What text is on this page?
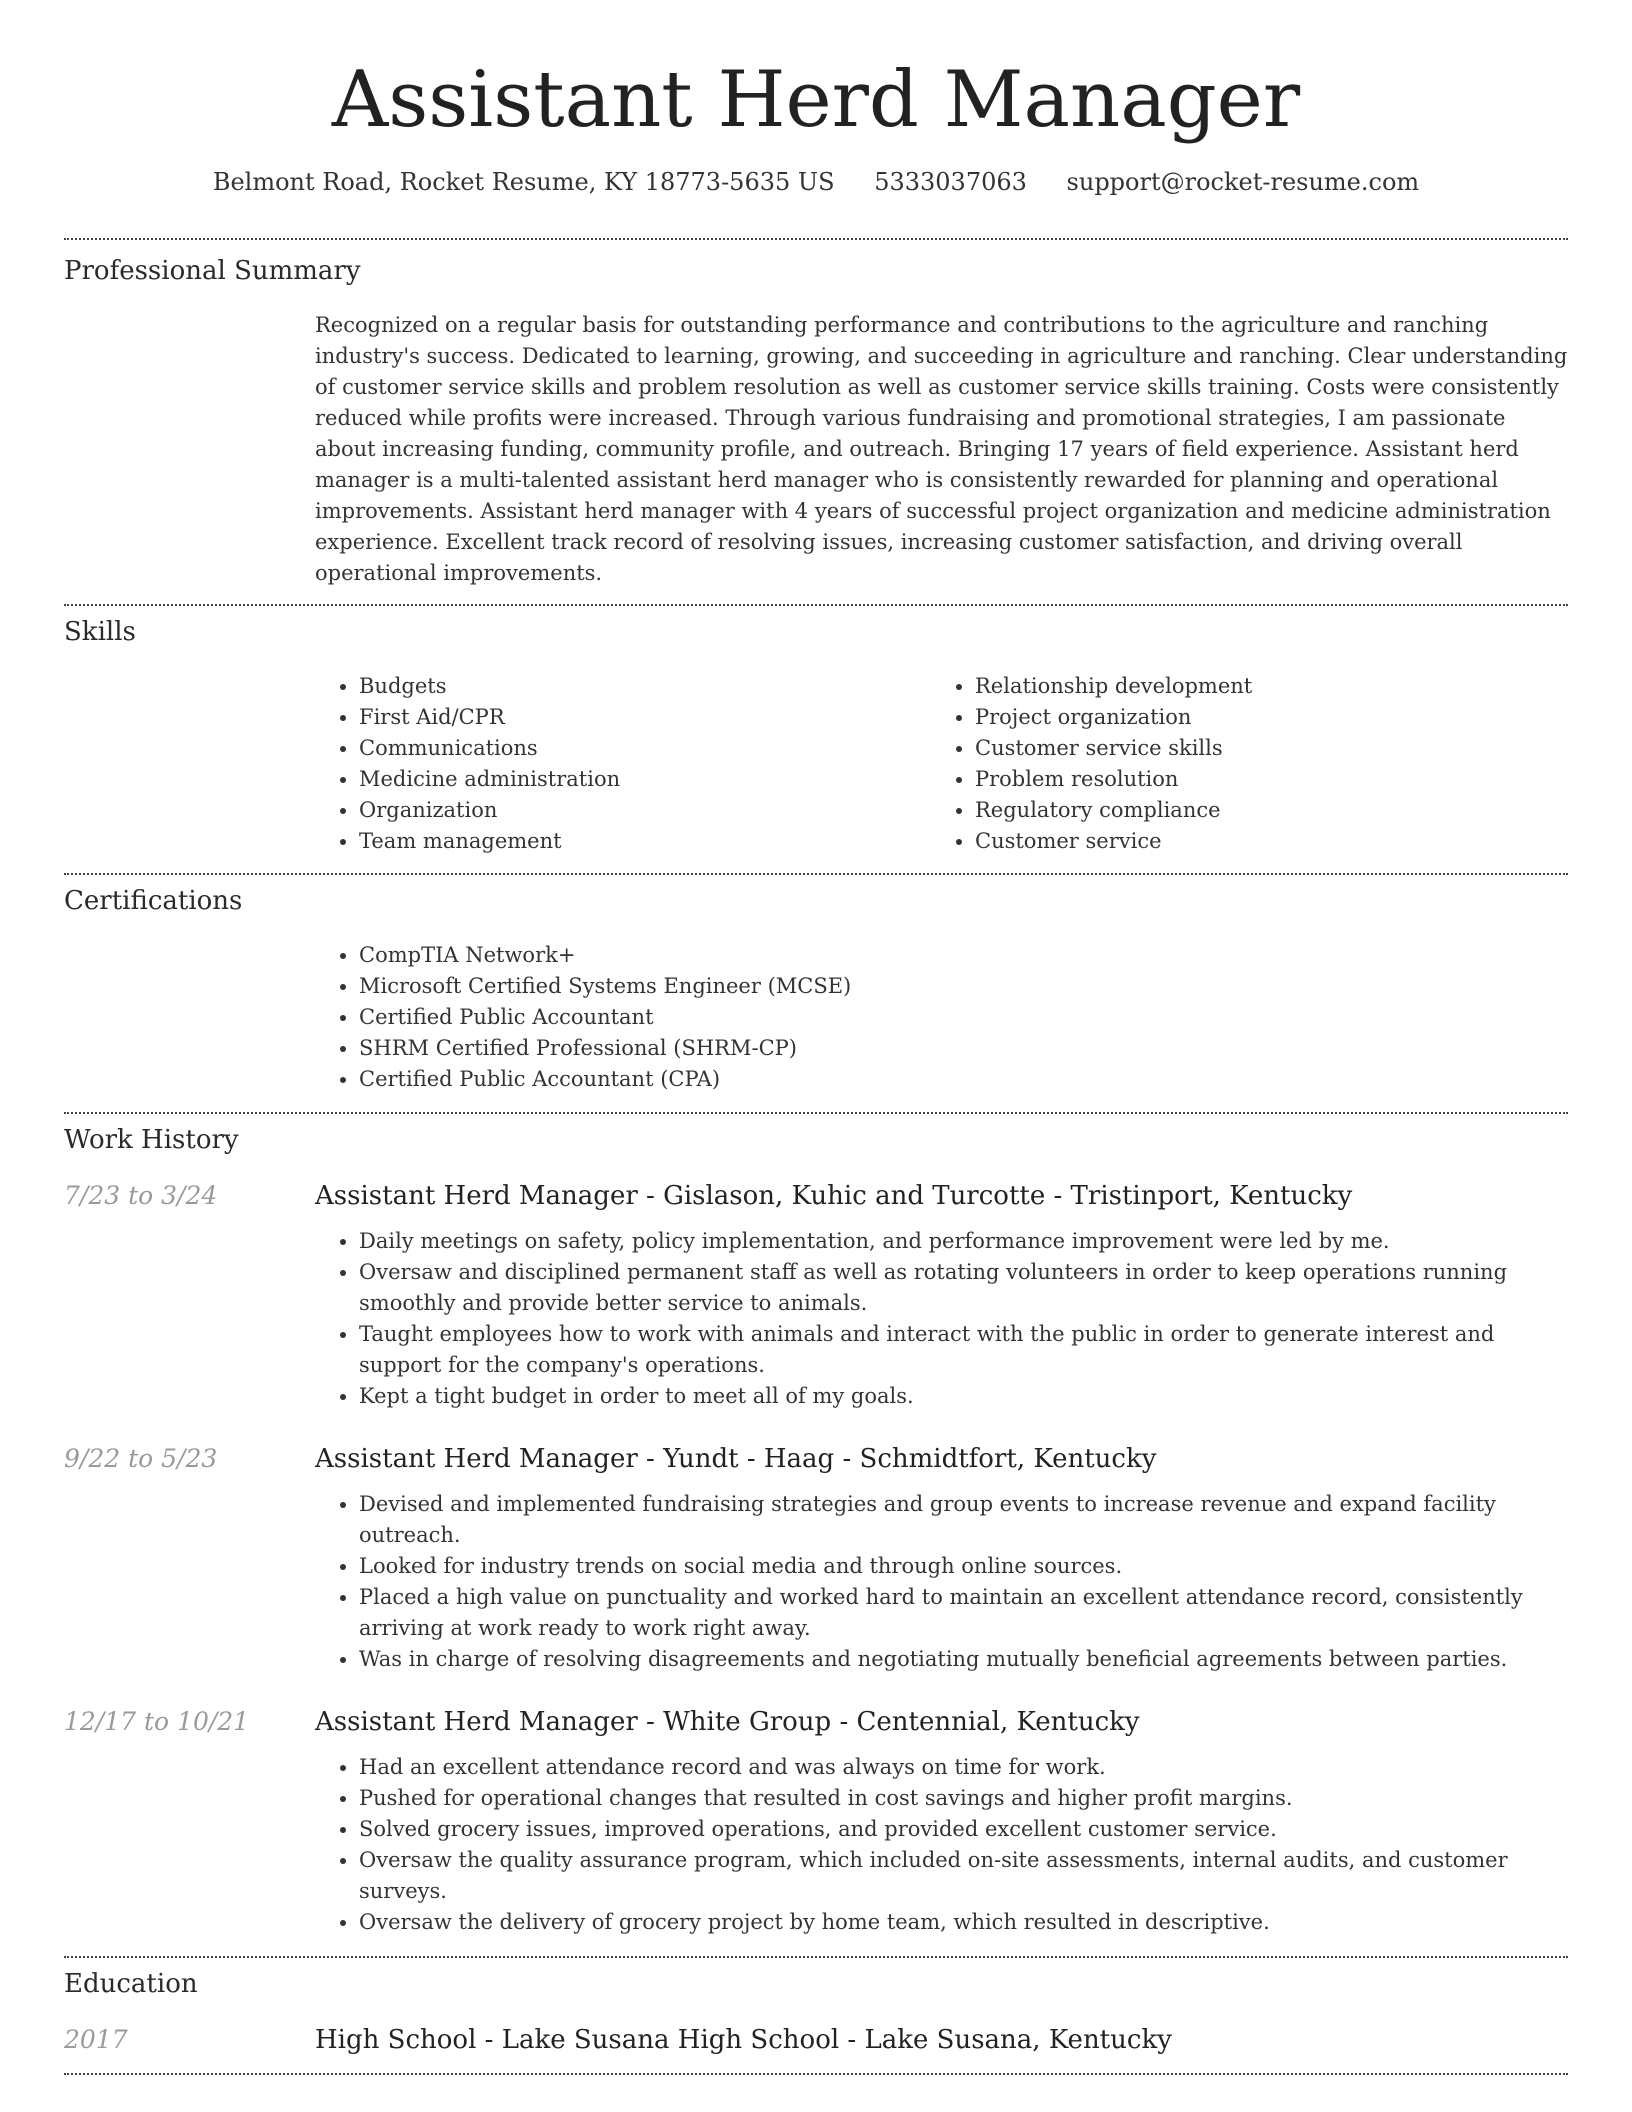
Assistant Herd Manager
Belmont Road, Rocket Resume, KY 18773-5635 US 5333037063 support@rocket-resume.com
Professional Summary

Recognized on a regular basis for outstanding performance and contributions to the agriculture and ranching industry's success. Dedicated to learning, growing, and succeeding in agriculture and ranching. Clear understanding of customer service skills and problem resolution as well as customer service skills training. Costs were consistently reduced while profits were increased. Through various fundraising and promotional strategies, I am passionate about increasing funding, community profile, and outreach. Bringing 17 years of field experience. Assistant herd manager is a multi-talented assistant herd manager who is consistently rewarded for planning and operational improvements. Assistant herd manager with 4 years of successful project organization and medicine administration experience. Excellent track record of resolving issues, increasing customer satisfaction, and driving overall operational improvements.

Skills
• Budgets
• First Aid/CPR
• Communications
• Medicine administration
• Organization
• Team management
• Relationship development
• Project organization
• Customer service skills
• Problem resolution
• Regulatory compliance
• Customer service
Certifications
• CompTIA Network+
• Microsoft Certified Systems Engineer (MCSE)
• Certified Public Accountant
• SHRM Certified Professional (SHRM-CP)
• Certified Public Accountant (CPA)
Work History
7/23 to 3/24	Assistant Herd Manager - Gislason, Kuhic and Turcotte - Tristinport, Kentucky
• Daily meetings on safety, policy implementation, and performance improvement were led by me.
• Oversaw and disciplined permanent staff as well as rotating volunteers in order to keep operations running smoothly and provide better service to animals.
• Taught employees how to work with animals and interact with the public in order to generate interest and support for the company's operations.
• Kept a tight budget in order to meet all of my goals.
9/22 to 5/23	Assistant Herd Manager - Yundt - Haag - Schmidtfort, Kentucky
• Devised and implemented fundraising strategies and group events to increase revenue and expand facility outreach.
• Looked for industry trends on social media and through online sources.
• Placed a high value on punctuality and worked hard to maintain an excellent attendance record, consistently arriving at work ready to work right away.
• Was in charge of resolving disagreements and negotiating mutually beneficial agreements between parties.
12/17 to 10/21	Assistant Herd Manager - White Group - Centennial, Kentucky
• Had an excellent attendance record and was always on time for work.
• Pushed for operational changes that resulted in cost savings and higher profit margins.
• Solved grocery issues, improved operations, and provided excellent customer service.
• Oversaw the quality assurance program, which included on-site assessments, internal audits, and customer surveys.
• Oversaw the delivery of grocery project by home team, which resulted in descriptive.
Education
2017	High School - Lake Susana High School - Lake Susana, Kentucky
